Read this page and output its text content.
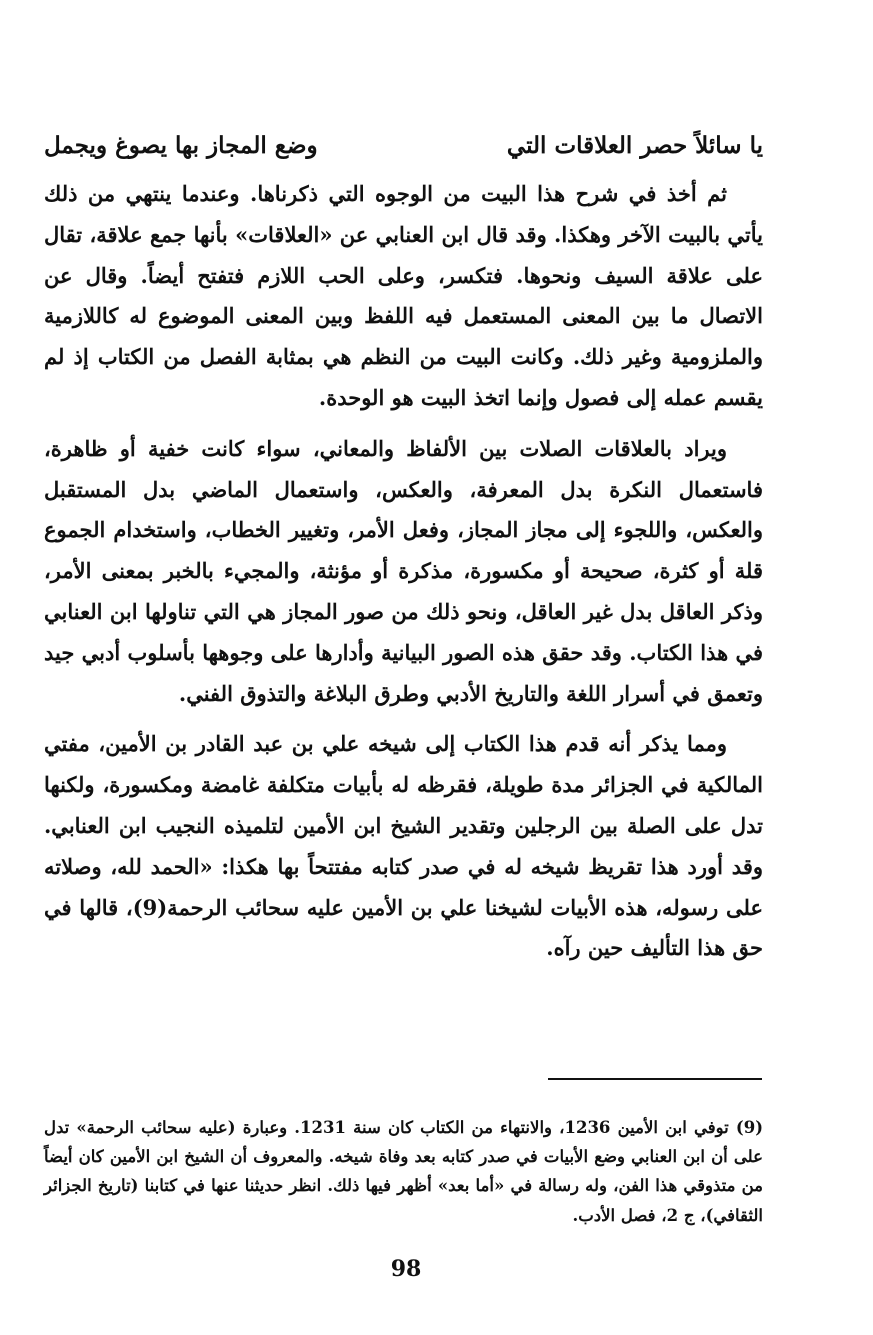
يا سائلاً حصر العلاقات التي
وضع المجاز بها يصوغ ويجمل

ثم أخذ في شرح هذا البيت من الوجوه التي ذكرناها. وعندما ينتهي من ذلك يأتي بالبيت الآخر وهكذا. وقد قال ابن العنابي عن «العلاقات» بأنها جمع علاقة، تقال على علاقة السيف ونحوها. فتكسر، وعلى الحب اللازم فتفتح أيضاً. وقال عن الاتصال ما بين المعنى المستعمل فيه اللفظ وبين المعنى الموضوع له كاللازمية والملزومية وغير ذلك. وكانت البيت من النظم هي بمثابة الفصل من الكتاب إذ لم يقسم عمله إلى فصول وإنما اتخذ البيت هو الوحدة.

ويراد بالعلاقات الصلات بين الألفاظ والمعاني، سواء كانت خفية أو ظاهرة، فاستعمال النكرة بدل المعرفة، والعكس، واستعمال الماضي بدل المستقبل والعكس، واللجوء إلى مجاز المجاز، وفعل الأمر، وتغيير الخطاب، واستخدام الجموع قلة أو كثرة، صحيحة أو مكسورة، مذكرة أو مؤنثة، والمجيء بالخبر بمعنى الأمر، وذكر العاقل بدل غير العاقل، ونحو ذلك من صور المجاز هي التي تناولها ابن العنابي في هذا الكتاب. وقد حقق هذه الصور البيانية وأدارها على وجوهها بأسلوب أدبي جيد وتعمق في أسرار اللغة والتاريخ الأدبي وطرق البلاغة والتذوق الفني.

ومما يذكر أنه قدم هذا الكتاب إلى شيخه علي بن عبد القادر بن الأمين، مفتي المالكية في الجزائر مدة طويلة، فقرظه له بأبيات متكلفة غامضة ومكسورة، ولكنها تدل على الصلة بين الرجلين وتقدير الشيخ ابن الأمين لتلميذه النجيب ابن العنابي. وقد أورد هذا تقريظ شيخه له في صدر كتابه مفتتحاً بها هكذا: «الحمد لله، وصلاته على رسوله، هذه الأبيات لشيخنا علي بن الأمين عليه سحائب الرحمة(9)، قالها في حق هذا التأليف حين رآه.

(9) توفي ابن الأمين 1236، والانتهاء من الكتاب كان سنة 1231. وعبارة (عليه سحائب الرحمة» تدل على أن ابن العنابي وضع الأبيات في صدر كتابه بعد وفاة شيخه. والمعروف أن الشيخ ابن الأمين كان أيضاً من متذوقي هذا الفن، وله رسالة في «أما بعد» أظهر فيها ذلك. انظر حديثنا عنها في كتابنا (تاريخ الجزائر الثقافي)، ج 2، فصل الأدب.

98
